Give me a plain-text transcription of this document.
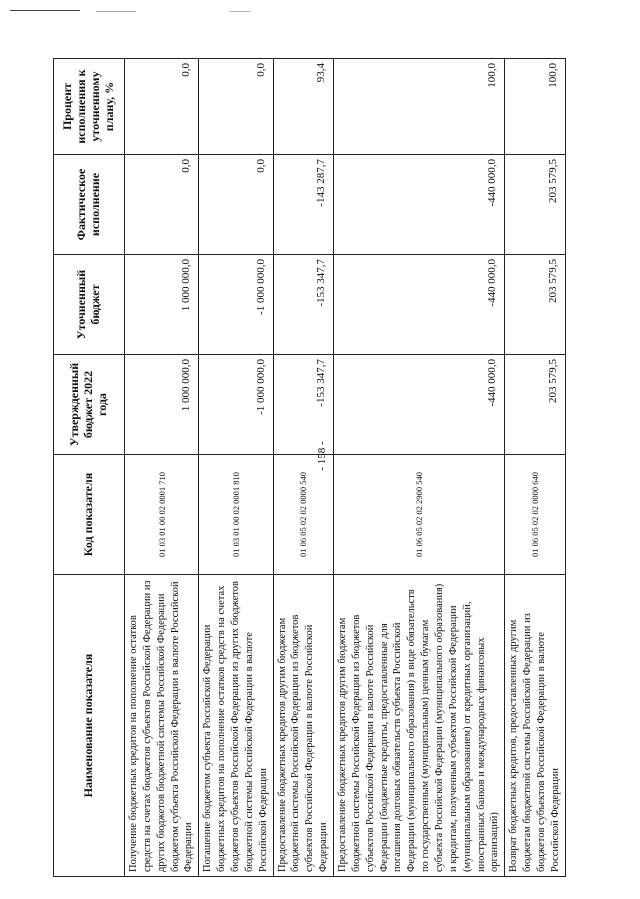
- 158 -
Наименование показателя	Код показателя	Утвержденный бюджет 2022 года	Уточненный бюджет	Фактическое исполнение	Процент исполнения к уточненному плану, %
Получение бюджетных кредитов на пополнение остатков средств на счетах бюджетов субъектов Российской Федерации из других бюджетов бюджетной системы Российской Федерации бюджетом субъекта Российской Федерации в валюте Российской Федерации	01 03 01 00 02 0001 710	1 000 000,0	1 000 000,0	0,0	0,0
Погашение бюджетом субъекта Российской Федерации бюджетных кредитов на пополнение остатков средств на счетах бюджетов субъектов Российской Федерации из других бюджетов бюджетной системы Российской Федерации в валюте Российской Федерации	01 03 01 00 02 0001 810	-1 000 000,0	-1 000 000,0	0,0	0,0
Предоставление бюджетных кредитов другим бюджетам бюджетной системы Российской Федерации из бюджетов субъектов Российской Федерации в валюте Российской Федерации	01 06 05 02 02 0000 540	-153 347,7	-153 347,7	-143 287,7	93,4
Предоставление бюджетных кредитов другим бюджетам бюджетной системы Российской Федерации из бюджетов субъектов Российской Федерации в валюте Российской Федерации (бюджетные кредиты, предоставленные для погашения долговых обязательств субъекта Российской Федерации (муниципального образования) в виде обязательств по государственным (муниципальным) ценным бумагам субъекта Российской Федерации (муниципального образования) и кредитам, полученным субъектом Российской Федерации (муниципальным образованием) от кредитных организаций, иностранных банков и международных финансовых организаций)	01 06 05 02 02 2900 540	-440 000,0	-440 000,0	-440 000,0	100,0
Возврат бюджетных кредитов, предоставленных другим бюджетам бюджетной системы Российской Федерации из бюджетов субъектов Российской Федерации в валюте Российской Федерации	01 06 05 02 02 0000 640	203 579,5	203 579,5	203 579,5	100,0
